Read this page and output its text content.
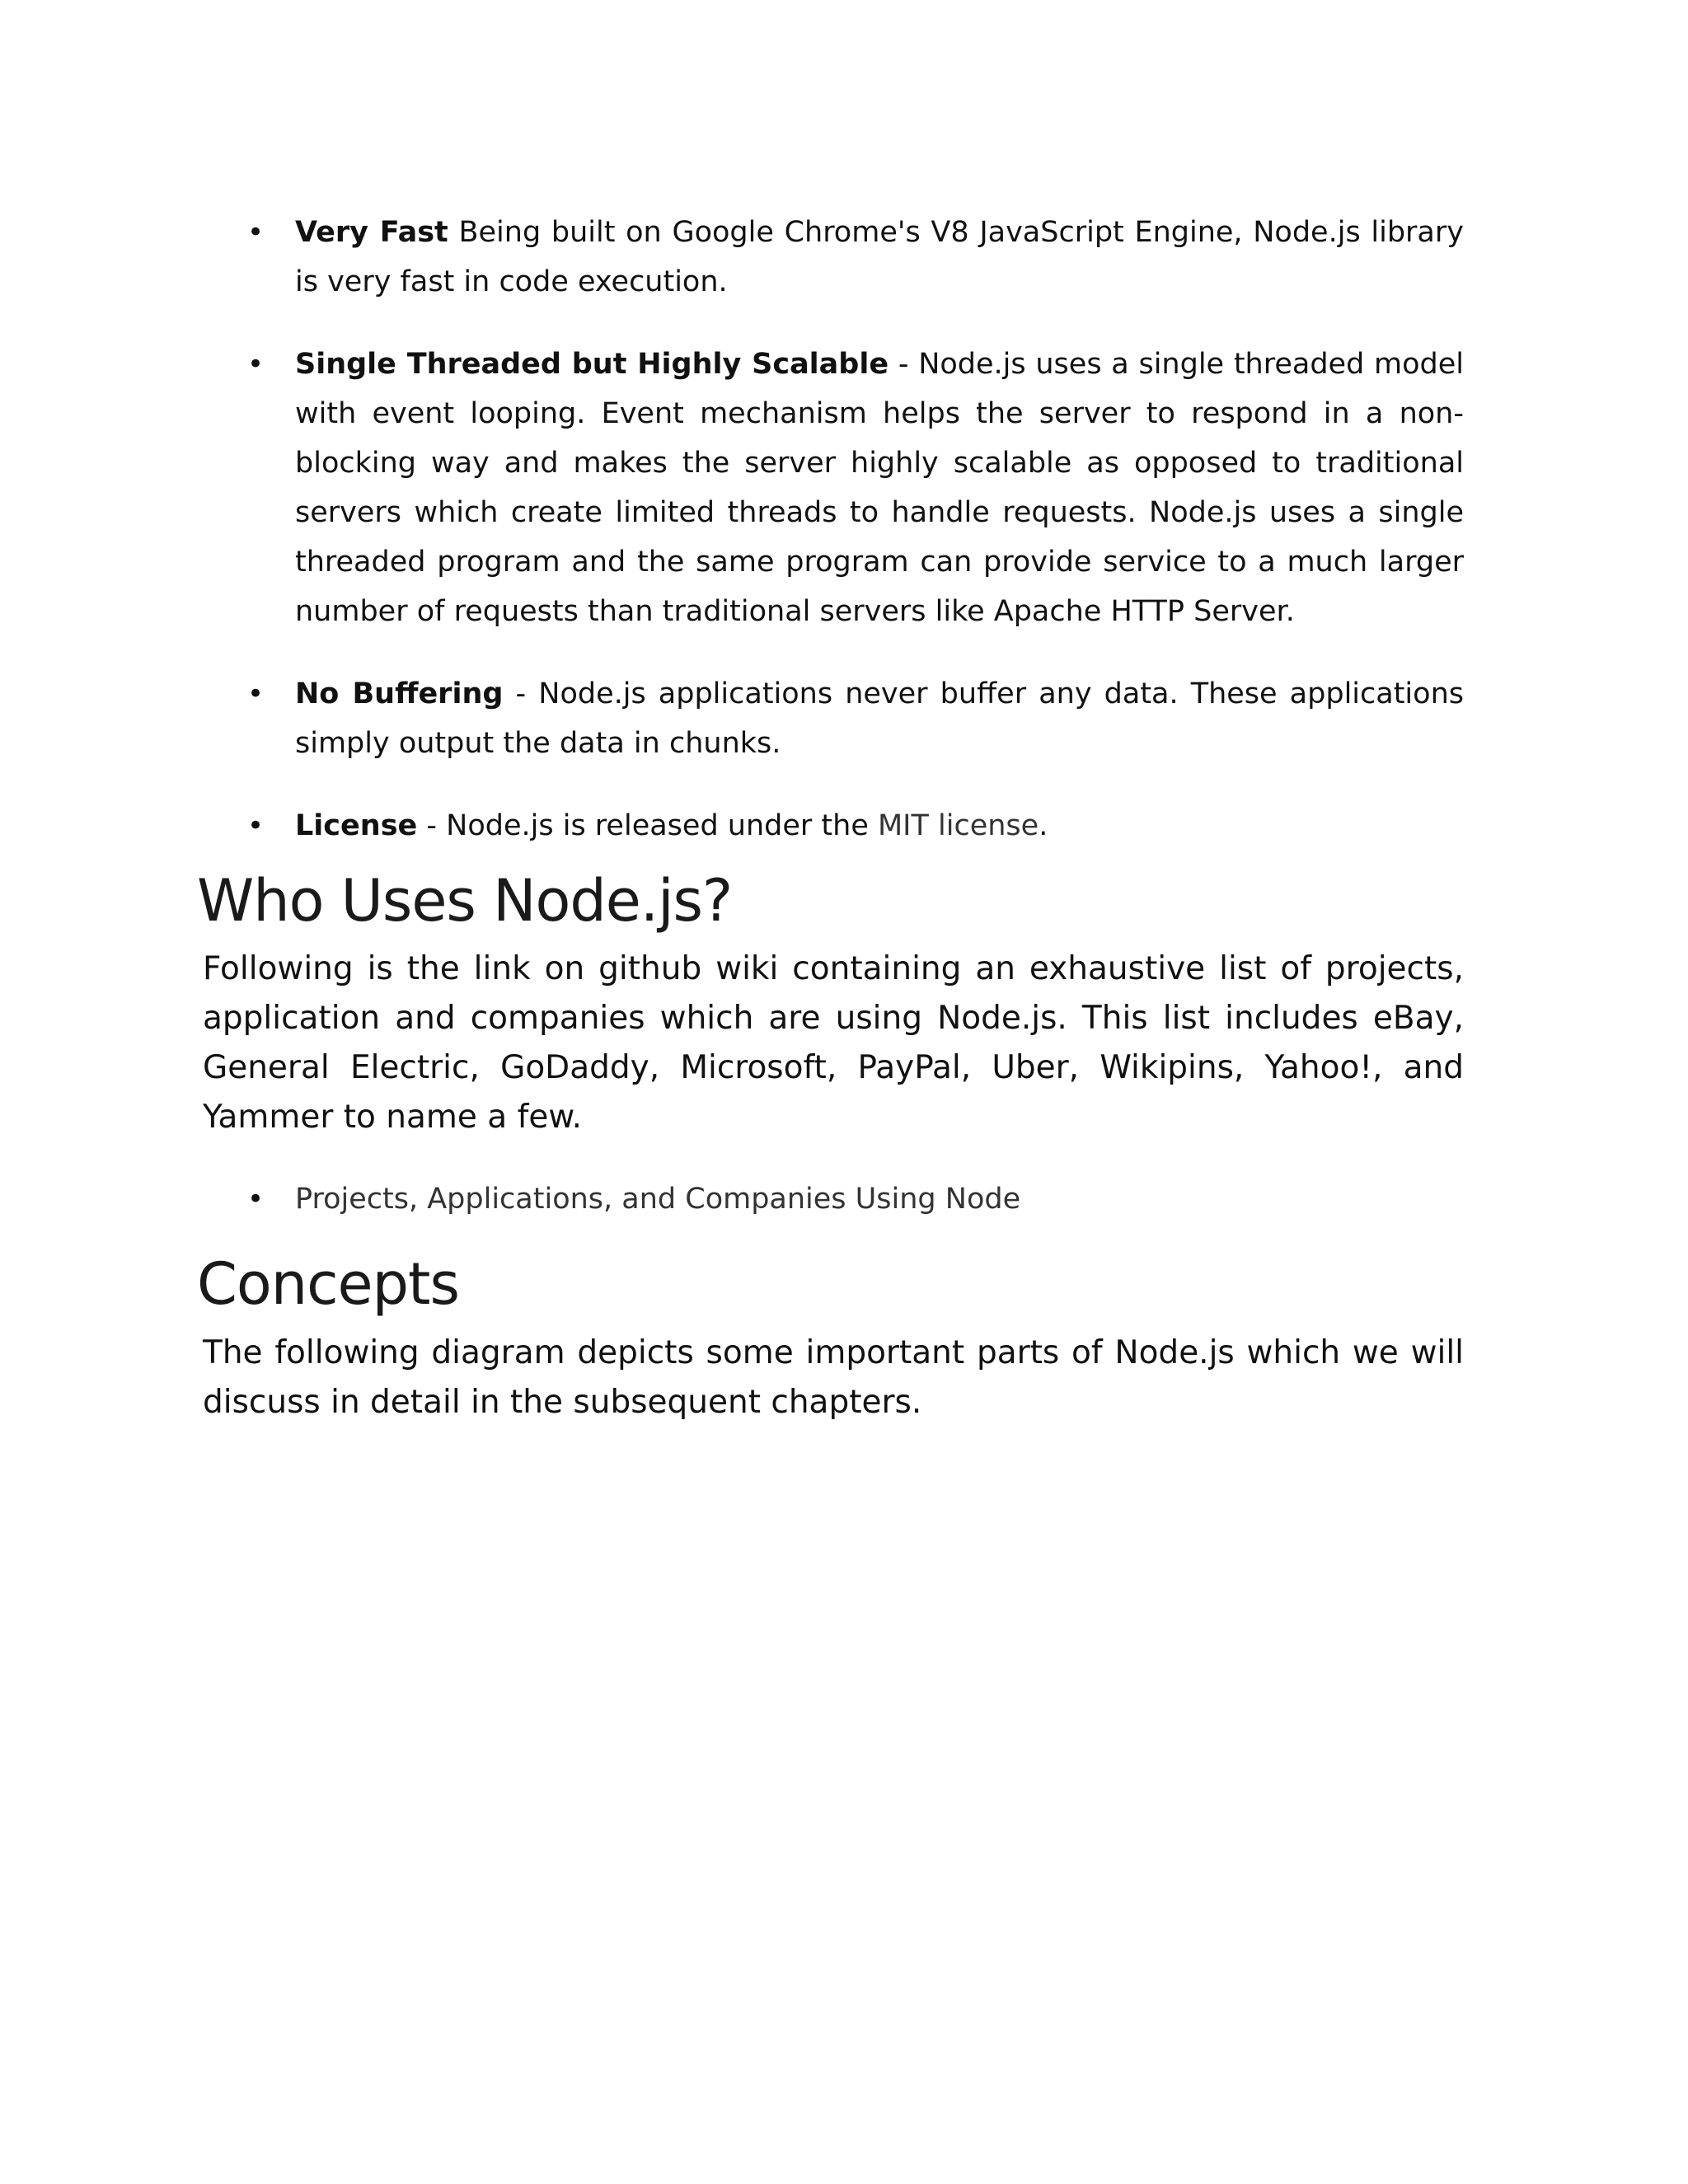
•	Very Fast Being built on Google Chrome's V8 JavaScript Engine, Node.js library is very fast in code execution.
•	Single Threaded but Highly Scalable - Node.js uses a single threaded model with event looping. Event mechanism helps the server to respond in a non-blocking way and makes the server highly scalable as opposed to traditional servers which create limited threads to handle requests. Node.js uses a single threaded program and the same program can provide service to a much larger number of requests than traditional servers like Apache HTTP Server.
•	No Buffering - Node.js applications never buffer any data. These applications simply output the data in chunks.
•	License - Node.js is released under the MIT license.
Who Uses Node.js?

Following is the link on github wiki containing an exhaustive list of projects, application and companies which are using Node.js. This list includes eBay, General Electric, GoDaddy, Microsoft, PayPal, Uber, Wikipins, Yahoo!, and Yammer to name a few.

•	Projects, Applications, and Companies Using Node
Concepts

The following diagram depicts some important parts of Node.js which we will discuss in detail in the subsequent chapters.
